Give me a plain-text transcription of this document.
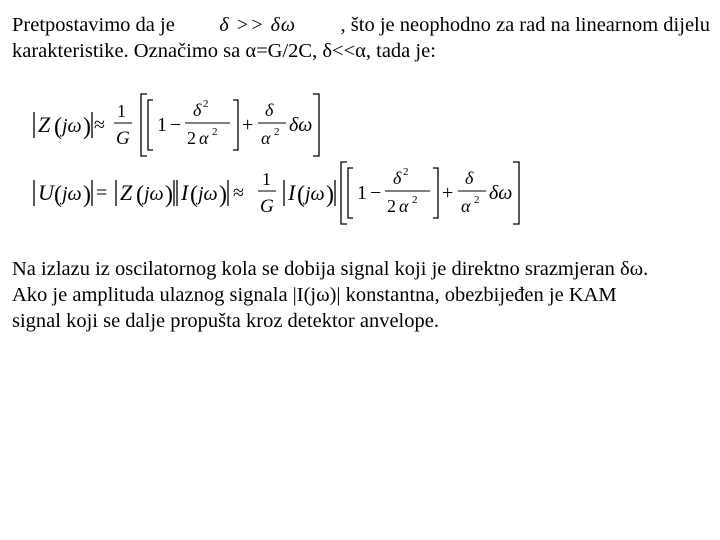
Pretpostavimo da je δ >> δω , što je neophodno za rad na linearnom dijelu
karakteristike. Označimo sa α=G/2C, δ<<α, tada je:
Z ( jω ) ≈
1
G
1 −
δ 2
2 α 2 +
δ
α 2 δω
U ( jω ) = Z ( jω ) I ( jω ) ≈
1
G
I ( jω ) 1 −
δ 2
2 α 2 +
δ
α 2 δω
Na izlazu iz oscilatornog kola se dobija signal koji je direktno srazmjeran δω.
Ako je amplituda ulaznog signala |I(jω)| konstantna, obezbijeđen je KAM
signal koji se dalje propušta kroz detektor anvelope.
